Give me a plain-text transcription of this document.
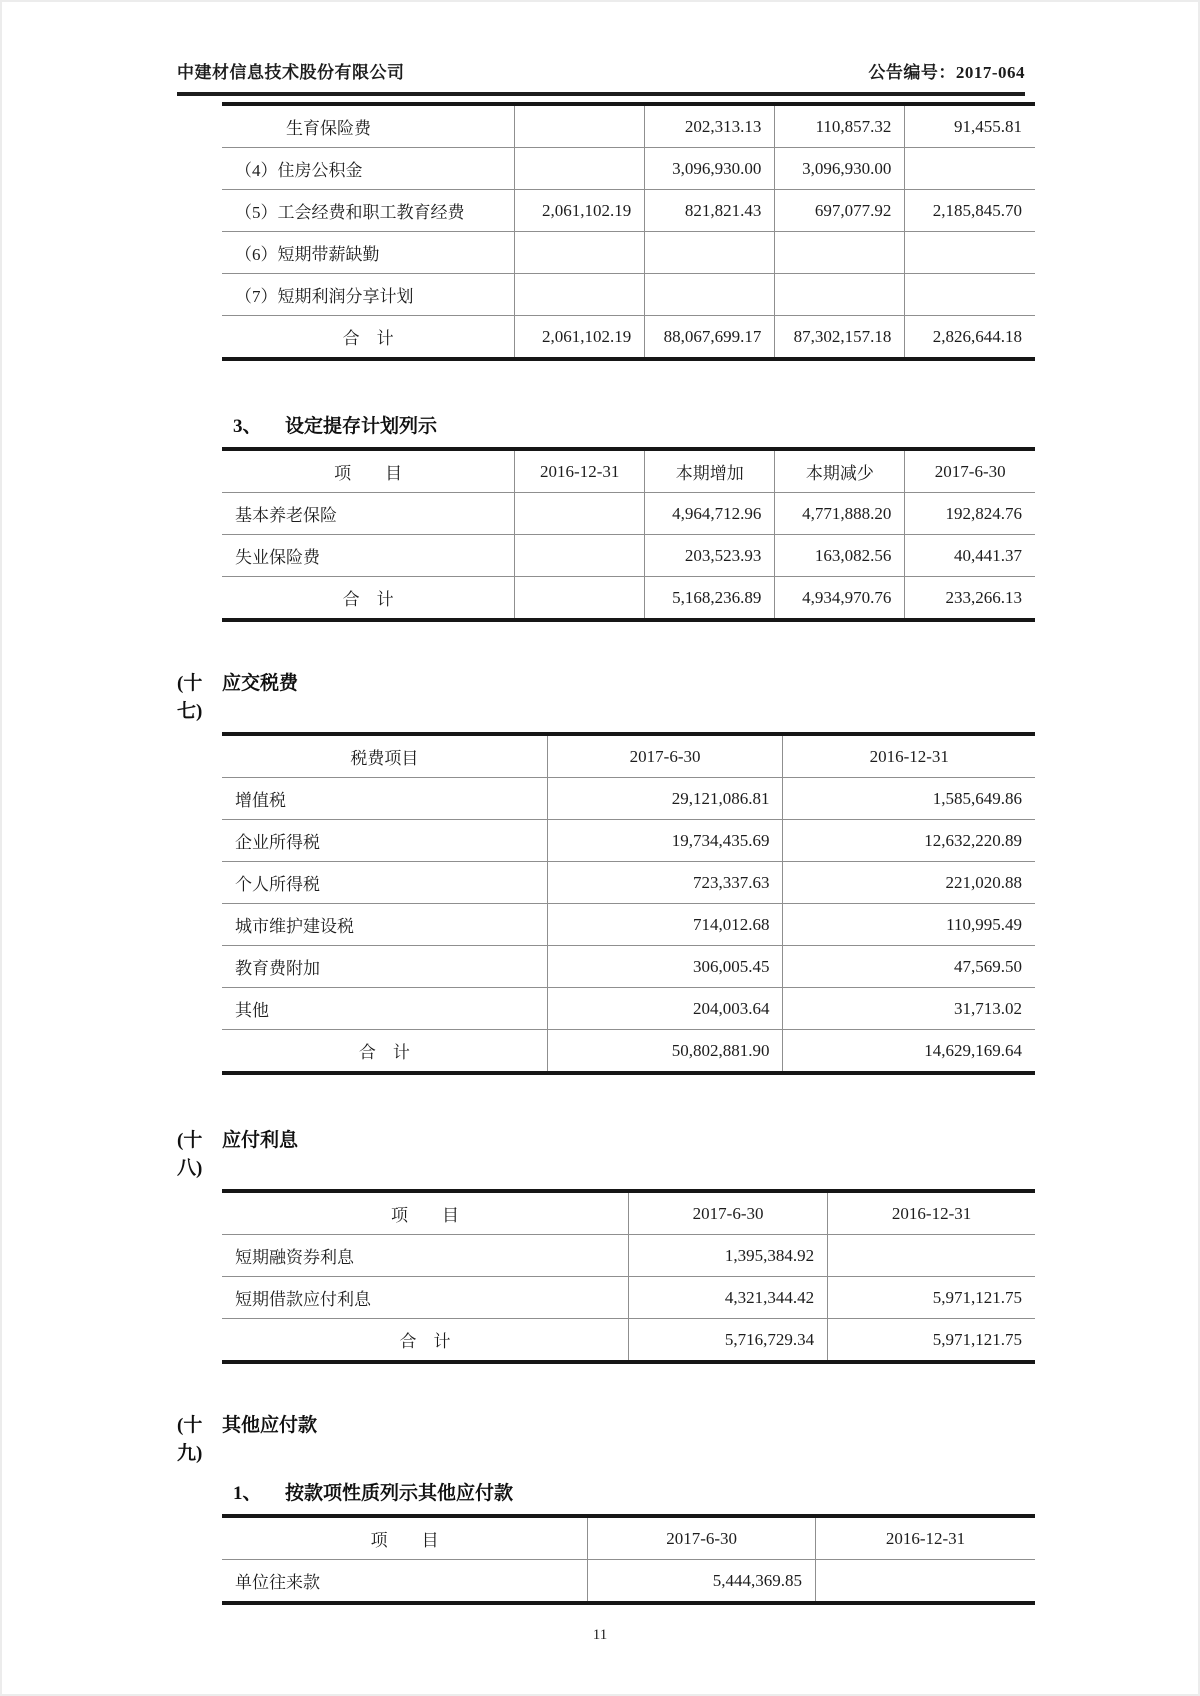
中建材信息技术股份有限公司	公告编号：2017-064
生育保险费		202,313.13	110,857.32	91,455.81
（4）住房公积金		3,096,930.00	3,096,930.00	
（5）工会经费和职工教育经费	2,061,102.19	821,821.43	697,077.92	2,185,845.70
（6）短期带薪缺勤				
（7）短期利润分享计划				
合　计	2,061,102.19	88,067,699.17	87,302,157.18	2,826,644.18
3、	设定提存计划列示
项　　目	2016-12-31	本期增加	本期减少	2017-6-30
基本养老保险		4,964,712.96	4,771,888.20	192,824.76
失业保险费		203,523.93	163,082.56	40,441.37
合　计		5,168,236.89	4,934,970.76	233,266.13
(十七)
应交税费
税费项目	2017-6-30	2016-12-31
增值税	29,121,086.81	1,585,649.86
企业所得税	19,734,435.69	12,632,220.89
个人所得税	723,337.63	221,020.88
城市维护建设税	714,012.68	110,995.49
教育费附加	306,005.45	47,569.50
其他	204,003.64	31,713.02
合　计	50,802,881.90	14,629,169.64
(十八)
应付利息
项　　目	2017-6-30	2016-12-31
短期融资券利息	1,395,384.92	
短期借款应付利息	4,321,344.42	5,971,121.75
合　计	5,716,729.34	5,971,121.75
(十九)
其他应付款
1、	按款项性质列示其他应付款
项　　目	2017-6-30	2016-12-31
单位往来款	5,444,369.85	
11
